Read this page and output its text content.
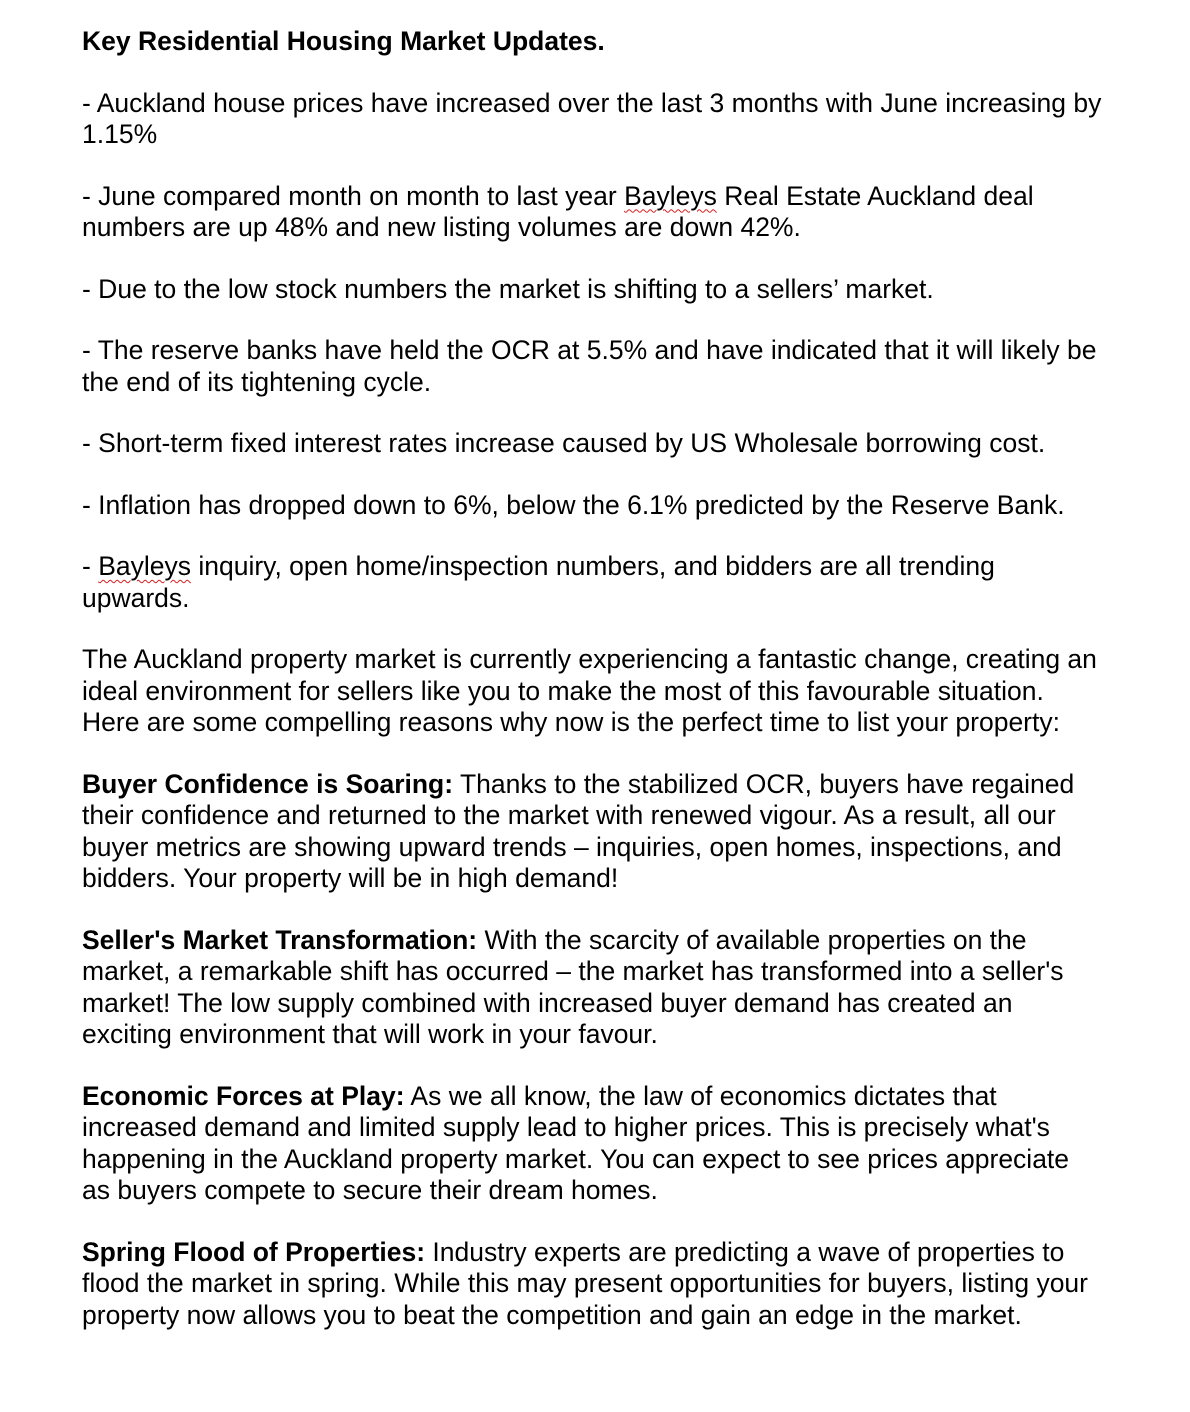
Key Residential Housing Market Updates.
- Auckland house prices have increased over the last 3 months with June increasing by 1.15%
- June compared month on month to last year Bayleys Real Estate Auckland deal numbers are up 48% and new listing volumes are down 42%.
- Due to the low stock numbers the market is shifting to a sellers’ market.
- The reserve banks have held the OCR at 5.5% and have indicated that it will likely be the end of its tightening cycle.
- Short-term fixed interest rates increase caused by US Wholesale borrowing cost.
- Inflation has dropped down to 6%, below the 6.1% predicted by the Reserve Bank.
- Bayleys inquiry, open home/inspection numbers, and bidders are all trending upwards.
The Auckland property market is currently experiencing a fantastic change, creating an ideal environment for sellers like you to make the most of this favourable situation. Here are some compelling reasons why now is the perfect time to list your property:
Buyer Confidence is Soaring: Thanks to the stabilized OCR, buyers have regained their confidence and returned to the market with renewed vigour. As a result, all our buyer metrics are showing upward trends – inquiries, open homes, inspections, and bidders. Your property will be in high demand!
Seller's Market Transformation: With the scarcity of available properties on the market, a remarkable shift has occurred – the market has transformed into a seller's market! The low supply combined with increased buyer demand has created an exciting environment that will work in your favour.
Economic Forces at Play: As we all know, the law of economics dictates that increased demand and limited supply lead to higher prices. This is precisely what's happening in the Auckland property market. You can expect to see prices appreciate as buyers compete to secure their dream homes.
Spring Flood of Properties: Industry experts are predicting a wave of properties to flood the market in spring. While this may present opportunities for buyers, listing your property now allows you to beat the competition and gain an edge in the market.
